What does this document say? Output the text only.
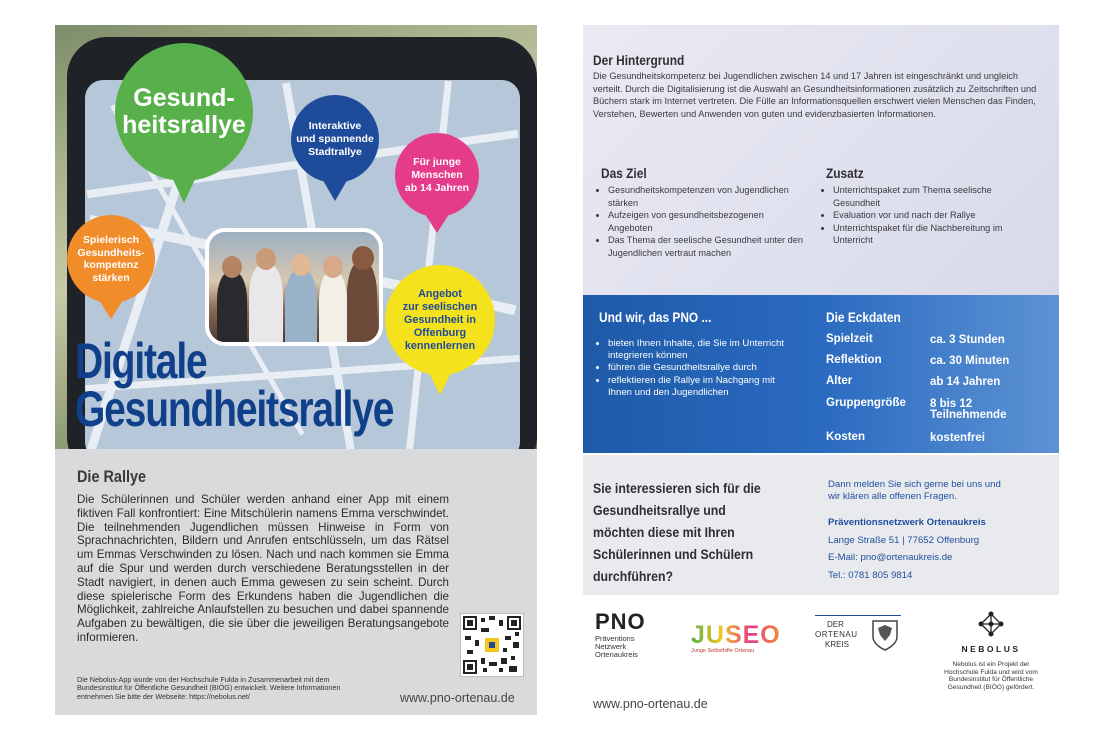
Gesund-
heitsrallye	Interaktive
und spannende
Stadtrallye
Für junge
Menschen
ab 14 Jahren
Spielerisch
Gesundheits-
kompetenz
stärken
Angebot
zur seelischen
Gesundheit in
Offenburg
kennenlernen
Digitale
Gesundheitsrallye
Die Rallye
Die Schülerinnen und Schüler werden anhand einer App mit einem fiktiven Fall konfrontiert: Eine Mitschülerin namens Emma verschwindet. Die teilnehmenden Jugendlichen müssen Hinweise in Form von Sprachnachrichten, Bildern und Anrufen entschlüsseln, um das Rätsel um Emmas Verschwinden zu lösen. Nach und nach kommen sie Emma auf die Spur und werden durch verschiedene Beratungsstellen in der Stadt navigiert, in denen auch Emma gewesen zu sein scheint. Durch diese spielerische Form des Erkundens haben die Jugendlichen die Möglichkeit, zahlreiche Anlaufstellen zu besuchen und dabei spannende Aufgaben zu bewältigen, die sie über die jeweiligen Beratungsangebote informieren.
Die Nebolus-App wurde von der Hochschule Fulda in Zusammenarbeit mit dem Bundesinstitut für Öffentliche Gesundheit (BIÖG) entwickelt. Weitere Informationen entnehmen Sie bitte der Webseite: https://nebolus.net/	www.pno-ortenau.de
Der Hintergrund
Die Gesundheitskompetenz bei Jugendlichen zwischen 14 und 17 Jahren ist eingeschränkt und ungleich verteilt. Durch die Digitalisierung ist die Auswahl an Gesundheitsinformationen zusätzlich zu Zeitschriften und Büchern stark im Internet vertreten. Die Fülle an Informationsquellen erschwert vielen Menschen das Finden, Verstehen, Bewerten und Anwenden von guten und evidenzbasierten Informationen.
Das Ziel
• Gesundheitskompetenzen von Jugendlichen stärken
• Aufzeigen von gesundheitsbezogenen Angeboten
• Das Thema der seelische Gesundheit unter den Jugendlichen vertraut machen
Zusatz
• Unterrichtspaket zum Thema seelische Gesundheit
• Evaluation vor und nach der Rallye
• Unterrichtspaket für die Nachbereitung im Unterricht
Und wir, das PNO ...
• bieten Ihnen Inhalte, die Sie im Unterricht integrieren können
• führen die Gesundheitsrallye durch
• reflektieren die Rallye im Nachgang mit Ihnen und den Jugendlichen
Die Eckdaten
Spielzeit	ca. 3 Stunden
Reflektion	ca. 30 Minuten
Alter	ab 14 Jahren
Gruppengröße 8 bis 12
Teilnehmende
Kosten	kostenfrei
Sie interessieren sich für die Gesundheitsrallye und möchten diese mit Ihren Schülerinnen und Schülern durchführen?
Dann melden Sie sich gerne bei uns und
wir klären alle offenen Fragen.
Präventionsnetzwerk Ortenaukreis
Lange Straße 51 | 77652 Offenburg
E-Mail: pno@ortenaukreis.de
Tel.: 0781 805 9814
PNO
Präventions
Netzwerk
Ortenaukreis
JUSEO
Junge Selbsthilfe Ortenau
DER
ORTENAU
KREIS	NEBOLUS
Nebolus ist ein Projekt der
Hochschule Fulda und wird vom
Bundesinstitut für Öffentliche
Gesundheit (BIÖG) gefördert.
www.pno-ortenau.de
